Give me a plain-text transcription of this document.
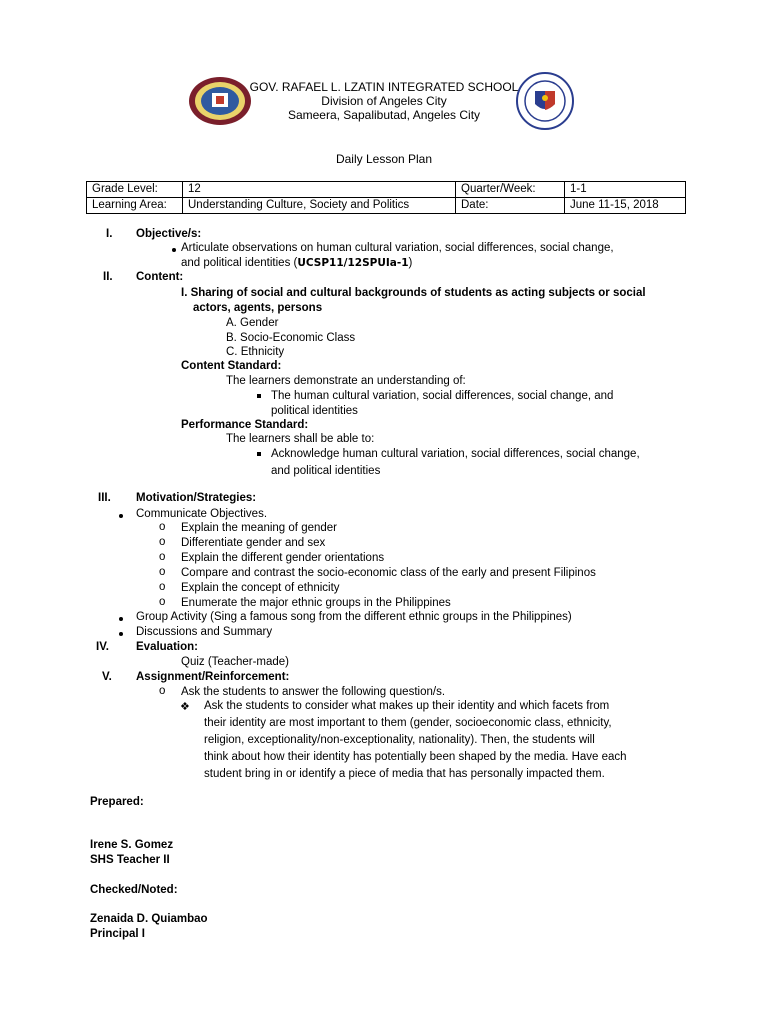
GOV. RAFAEL L. LZATIN INTEGRATED SCHOOL
Division of Angeles City
Sameera, Sapalibutad, Angeles City
Daily Lesson Plan
Grade Level:	12	Quarter/Week:	1-1
Learning Area:	Understanding Culture, Society and Politics	Date:	June 11-15, 2018
I. Objective/s:
Articulate observations on human cultural variation, social differences, social change,
and political identities (UCSP11/12SPUIa-1)
II. Content:
I. Sharing of social and cultural backgrounds of students as acting subjects or social
actors, agents, persons
A. Gender
B. Socio-Economic Class
C. Ethnicity
Content Standard:
The learners demonstrate an understanding of:
The human cultural variation, social differences, social change, and
political identities
Performance Standard:
The learners shall be able to:
Acknowledge human cultural variation, social differences, social change,
and political identities
III. Motivation/Strategies:
Communicate Objectives.
o Explain the meaning of gender
o Differentiate gender and sex
o Explain the different gender orientations
o Compare and contrast the socio-economic class of the early and present Filipinos
o Explain the concept of ethnicity
o Enumerate the major ethnic groups in the Philippines
Group Activity (Sing a famous song from the different ethnic groups in the Philippines)
Discussions and Summary
IV. Evaluation:
Quiz (Teacher-made)
V. Assignment/Reinforcement:
o Ask the students to answer the following question/s.
❖ Ask the students to consider what makes up their identity and which facets from
their identity are most important to them (gender, socioeconomic class, ethnicity,
religion, exceptionality/non-exceptionality, nationality). Then, the students will
think about how their identity has potentially been shaped by the media. Have each
student bring in or identify a piece of media that has personally impacted them.
Prepared:
Irene S. Gomez
SHS Teacher II
Checked/Noted:
Zenaida D. Quiambao
Principal I
